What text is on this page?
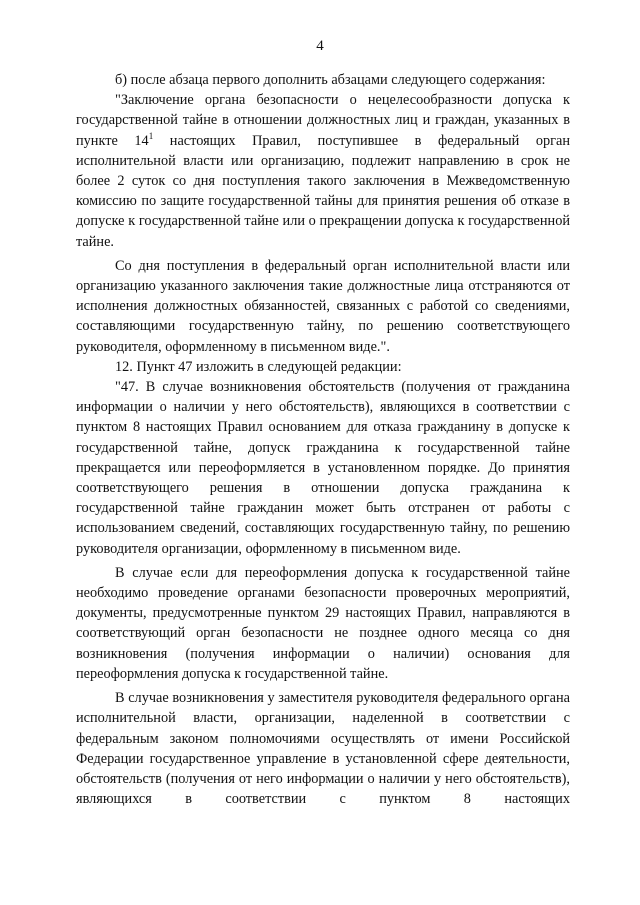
4

б) после абзаца первого дополнить абзацами следующего содержания:

"Заключение органа безопасности о нецелесообразности допуска к государственной тайне в отношении должностных лиц и граждан, указанных в пункте $14^1$ настоящих Правил, поступившее в федеральный орган исполнительной власти или организацию, подлежит направлению в срок не более 2 суток со дня поступления такого заключения в Межведомственную комиссию по защите государственной тайны для принятия решения об отказе в допуске к государственной тайне или о прекращении допуска к государственной тайне.

Со дня поступления в федеральный орган исполнительной власти или организацию указанного заключения такие должностные лица отстраняются от исполнения должностных обязанностей, связанных с работой со сведениями, составляющими государственную тайну, по решению соответствующего руководителя, оформленному в письменном виде.".

12. Пункт 47 изложить в следующей редакции:

"47. В случае возникновения обстоятельств (получения от гражданина информации о наличии у него обстоятельств), являющихся в соответствии с пунктом 8 настоящих Правил основанием для отказа гражданину в допуске к государственной тайне, допуск гражданина к государственной тайне прекращается или переоформляется в установленном порядке. До принятия соответствующего решения в отношении допуска гражданина к государственной тайне гражданин может быть отстранен от работы с использованием сведений, составляющих государственную тайну, по решению руководителя организации, оформленному в письменном виде.

В случае если для переоформления допуска к государственной тайне необходимо проведение органами безопасности проверочных мероприятий, документы, предусмотренные пунктом 29 настоящих Правил, направляются в соответствующий орган безопасности не позднее одного месяца со дня возникновения (получения информации о наличии) основания для переоформления допуска к государственной тайне.

В случае возникновения у заместителя руководителя федерального органа исполнительной власти, организации, наделенной в соответствии с федеральным законом полномочиями осуществлять от имени Российской Федерации государственное управление в установленной сфере деятельности, обстоятельств (получения от него информации о наличии у него обстоятельств), являющихся в соответствии с пунктом 8 настоящих
